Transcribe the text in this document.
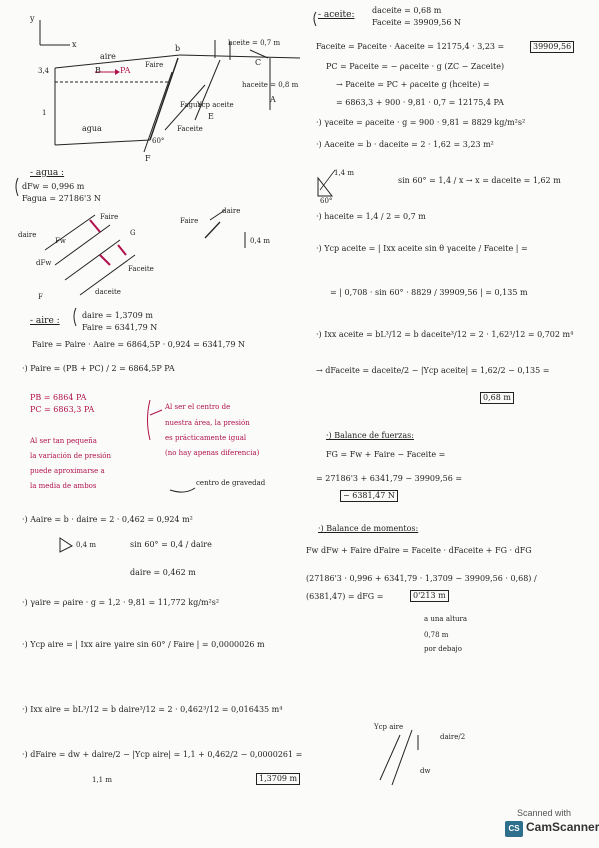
y
x
aire
agua
B PA
b
C
A
E
F
Faire
Faceite
Fagua
3,4
1
hceite = 0,7 m
haceite = 0,8 m
Ycp aceite
60°
- agua :
dFw = 0,996 m
Fagua = 27186'3 N
daire
dFw
Fw
Faire
Faceite
daceite
F
G
daire
Faire
0,4 m
- aire :
daire = 1,3709 m
Faire = 6341,79 N
Faire = Paire · Aaire = 6864,5P · 0,924 = 6341,79 N
·) Paire = (PB + PC) / 2 = 6864,5P PA
PB = 6864 PA
PC = 6863,3 PA	Al ser el centro de
nuestra área, la presión
es prácticamente igual
(no hay apenas diferencia)
Al ser tan pequeña
la variación de presión
puede aproximarse a
la media de ambos	centro de gravedad
·) Aaire = b · daire = 2 · 0,462 = 0,924 m²
0,4 m	sin 60° = 0,4 / daire
daire = 0,462 m
·) γaire = ρaire · g = 1,2 · 9,81 = 11,772 kg/m²s²
·) Ycp aire = | Ixx aire γaire sin 60° / Faire | = 0,0000026 m
·) Ixx aire = bL³/12 = b daire³/12 = 2 · 0,462³/12 = 0,016435 m⁴
·) dFaire = dw + daire/2 − |Ycp aire| = 1,1 + 0,462/2 − 0,0000261 =
1,1 m	1,3709 m
Ycp aire
daire/2
dw
- aceite: daceite = 0,68 m
Faceite = 39909,56 N
Faceite = Paceite · Aaceite = 12175,4 · 3,23 =	39909,56
PC = Paceite = − ρaceite · g (ZC − Zaceite)
→ Paceite = PC + ρaceite g (hceite) =
= 6863,3 + 900 · 9,81 · 0,7 = 12175,4 PA
·) γaceite = ρaceite · g = 900 · 9,81 = 8829 kg/m²s²
·) Aaceite = b · daceite = 2 · 1,62 = 3,23 m²
1,4 m
60°
sin 60° = 1,4 / x → x = daceite = 1,62 m
·) haceite = 1,4 / 2 = 0,7 m
·) Ycp aceite = | Ixx aceite sin θ γaceite / Faceite | =
= | 0,708 · sin 60° · 8829 / 39909,56 | = 0,135 m
·) Ixx aceite = bL³/12 = b daceite³/12 = 2 · 1,62³/12 = 0,702 m⁴
→ dFaceite = daceite/2 − |Ycp aceite| = 1,62/2 − 0,135 =
0,68 m
·) Balance de fuerzas:
FG = Fw + Faire − Faceite =
= 27186'3 + 6341,79 − 39909,56 =
− 6381,47 N
·) Balance de momentos:
Fw dFw + Faire dFaire = Faceite · dFaceite + FG · dFG
(27186'3 · 0,996 + 6341,79 · 1,3709 − 39909,56 · 0,68) /
(6381,47) = dFG =	0'213 m
a una altura
0,78 m
por debajo
Scanned with
CS CamScanner
